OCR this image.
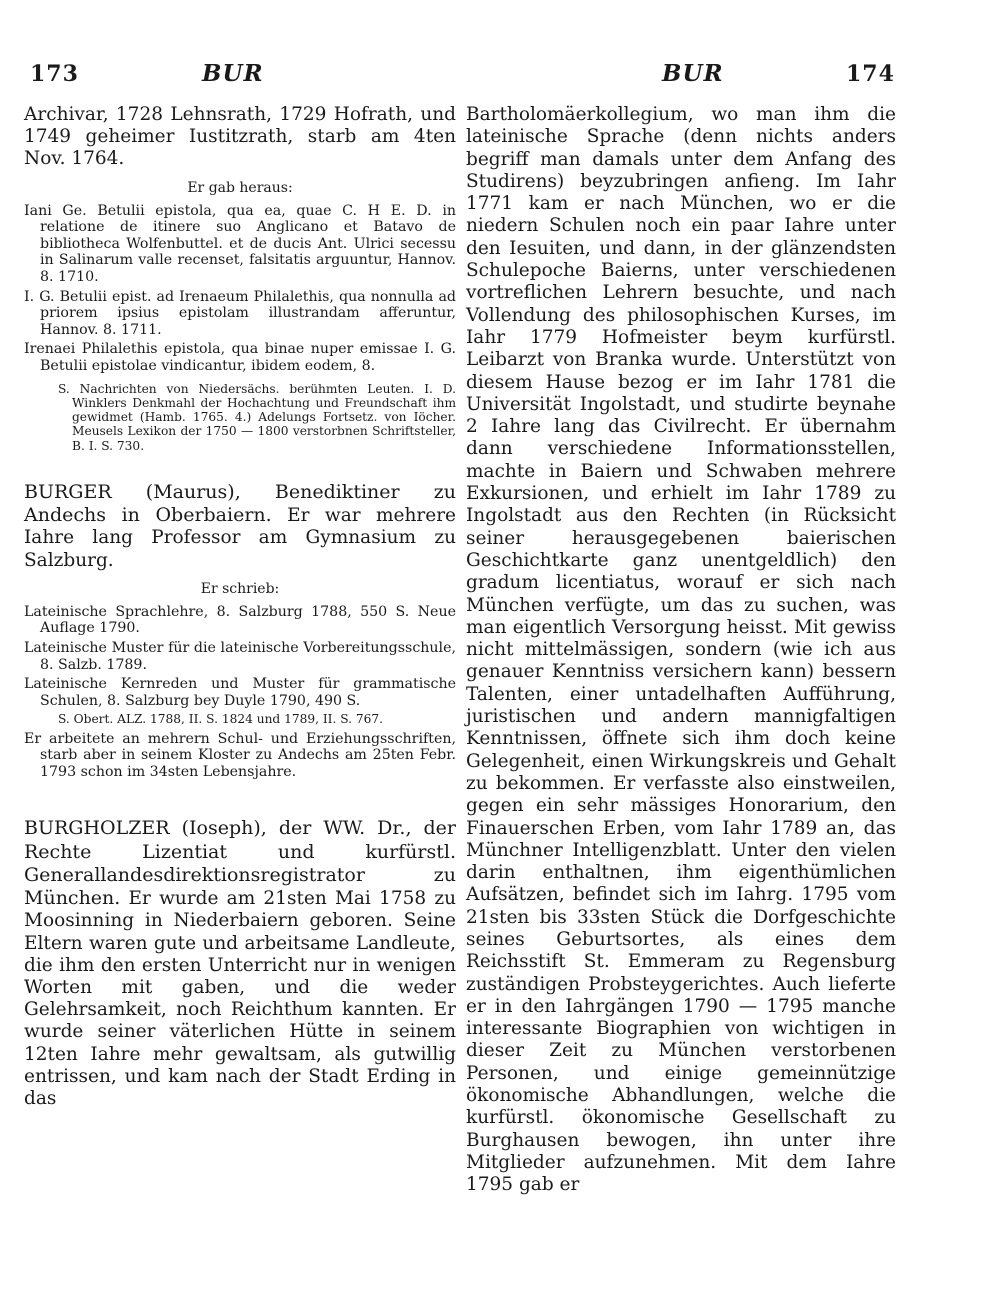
173	BUR	BUR	174

Archivar, 1728 Lehnsrath, 1729 Hofrath, und 1749 geheimer Iustitzrath, starb am 4ten Nov. 1764.

Er gab heraus:

Iani Ge. Betulii epistola, qua ea, quae C. H E. D. in relatione de itinere suo Anglicano et Batavo de bibliotheca Wolfenbuttel. et de ducis Ant. Ulrici secessu in Salinarum valle recenset, falsitatis arguuntur, Hannov. 8. 1710.

I. G. Betulii epist. ad Irenaeum Philalethis, qua nonnulla ad priorem ipsius epistolam illustrandam afferuntur, Hannov. 8. 1711.

Irenaei Philalethis epistola, qua binae nuper emissae I. G. Betulii epistolae vindicantur, ibidem eodem, 8.

S. Nachrichten von Niedersächs. berühmten Leuten. I. D. Winklers Denkmahl der Hochachtung und Freundschaft ihm gewidmet (Hamb. 1765. 4.) Adelungs Fortsetz. von Iöcher. Meusels Lexikon der 1750 — 1800 verstorbnen Schriftsteller, B. I. S. 730.

BURGER (Maurus), Benediktiner zu Andechs in Oberbaiern. Er war mehrere Iahre lang Professor am Gymnasium zu Salzburg.

Er schrieb:

Lateinische Sprachlehre, 8. Salzburg 1788, 550 S. Neue Auflage 1790.

Lateinische Muster für die lateinische Vorbereitungsschule, 8. Salzb. 1789.

Lateinische Kernreden und Muster für grammatische Schulen, 8. Salzburg bey Duyle 1790, 490 S.

S. Obert. ALZ. 1788, II. S. 1824 und 1789, II. S. 767.

Er arbeitete an mehrern Schul- und Erziehungsschriften, starb aber in seinem Kloster zu Andechs am 25ten Febr. 1793 schon im 34sten Lebensjahre.

BURGHOLZER (Ioseph), der WW. Dr., der Rechte Lizentiat und kurfürstl. Generallandesdirektionsregistrator zu München. Er wurde am 21sten Mai 1758 zu Moosinning in Niederbaiern geboren. Seine Eltern waren gute und arbeitsame Landleute, die ihm den ersten Unterricht nur in wenigen Worten mit gaben, und die weder Gelehrsamkeit, noch Reichthum kannten. Er wurde seiner väterlichen Hütte in seinem 12ten Iahre mehr gewaltsam, als gutwillig entrissen, und kam nach der Stadt Erding in das

Bartholomäerkollegium, wo man ihm die lateinische Sprache (denn nichts anders begriff man damals unter dem Anfang des Studirens) beyzubringen anfieng. Im Iahr 1771 kam er nach München, wo er die niedern Schulen noch ein paar Iahre unter den Iesuiten, und dann, in der glänzendsten Schulepoche Baierns, unter verschiedenen vortreflichen Lehrern besuchte, und nach Vollendung des philosophischen Kurses, im Iahr 1779 Hofmeister beym kurfürstl. Leibarzt von Branka wurde. Unterstützt von diesem Hause bezog er im Iahr 1781 die Universität Ingolstadt, und studirte beynahe 2 Iahre lang das Civilrecht. Er übernahm dann verschiedene Informationsstellen, machte in Baiern und Schwaben mehrere Exkursionen, und erhielt im Iahr 1789 zu Ingolstadt aus den Rechten (in Rücksicht seiner herausgegebenen baierischen Geschichtkarte ganz unentgeldlich) den gradum licentiatus, worauf er sich nach München verfügte, um das zu suchen, was man eigentlich Versorgung heisst. Mit gewiss nicht mittelmässigen, sondern (wie ich aus genauer Kenntniss versichern kann) bessern Talenten, einer untadelhaften Aufführung, juristischen und andern mannigfaltigen Kenntnissen, öffnete sich ihm doch keine Gelegenheit, einen Wirkungskreis und Gehalt zu bekommen. Er verfasste also einstweilen, gegen ein sehr mässiges Honorarium, den Finauerschen Erben, vom Iahr 1789 an, das Münchner Intelligenzblatt. Unter den vielen darin enthaltnen, ihm eigenthümlichen Aufsätzen, befindet sich im Iahrg. 1795 vom 21sten bis 33sten Stück die Dorfgeschichte seines Geburtsortes, als eines dem Reichsstift St. Emmeram zu Regensburg zuständigen Probsteygerichtes. Auch lieferte er in den Iahrgängen 1790 — 1795 manche interessante Biographien von wichtigen in dieser Zeit zu München verstorbenen Personen, und einige gemeinnützige ökonomische Abhandlungen, welche die kurfürstl. ökonomische Gesellschaft zu Burghausen bewogen, ihn unter ihre Mitglieder aufzunehmen. Mit dem Iahre 1795 gab er
